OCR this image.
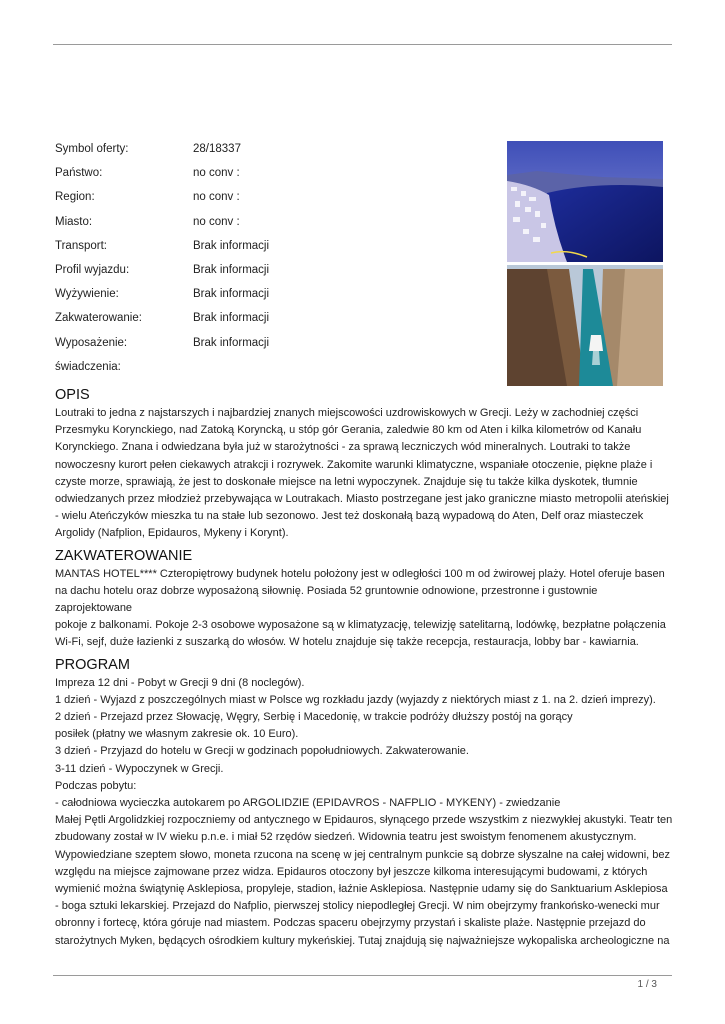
Symbol oferty:	28/18337
Państwo:	no conv :
Region:	no conv :
Miasto:	no conv :
Transport:	Brak informacji
Profil wyjazdu:	Brak informacji
Wyżywienie:	Brak informacji
Zakwaterowanie:	Brak informacji
Wyposażenie:	Brak informacji
świadczenia:
OPIS

Loutraki to jedna z najstarszych i najbardziej znanych miejscowości uzdrowiskowych w Grecji. Leży w zachodniej części
Przesmyku Korynckiego, nad Zatoką Koryncką, u stóp gór Gerania, zaledwie 80 km od Aten i kilka kilometrów od Kanału
Korynckiego. Znana i odwiedzana była już w starożytności - za sprawą leczniczych wód mineralnych. Loutraki to także
nowoczesny kurort pełen ciekawych atrakcji i rozrywek. Zakomite warunki klimatyczne, wspaniałe otoczenie, piękne plaże i
czyste morze, sprawiają, że jest to doskonałe miejsce na letni wypoczynek. Znajduje się tu także kilka dyskotek, tłumnie
odwiedzanych przez młodzież przebywająca w Loutrakach. Miasto postrzegane jest jako graniczne miasto metropolii ateńskiej
- wielu Ateńczyków mieszka tu na stałe lub sezonowo. Jest też doskonałą bazą wypadową do Aten, Delf oraz miasteczek
Argolidy (Nafplion, Epidauros, Mykeny i Korynt).

ZAKWATEROWANIE

MANTAS HOTEL**** Czteropiętrowy budynek hotelu położony jest w odległości 100 m od żwirowej plaży. Hotel oferuje basen
na dachu hotelu oraz dobrze wyposażoną siłownię. Posiada 52 gruntownie odnowione, przestronne i gustownie zaprojektowane
pokoje z balkonami. Pokoje 2-3 osobowe wyposażone są w klimatyzację, telewizję satelitarną, lodówkę, bezpłatne połączenia
Wi-Fi, sejf, duże łazienki z suszarką do włosów. W hotelu znajduje się także recepcja, restauracja, lobby bar - kawiarnia.

PROGRAM

Impreza 12 dni - Pobyt w Grecji 9 dni (8 noclegów).
1 dzień - Wyjazd z poszczególnych miast w Polsce wg rozkładu jazdy (wyjazdy z niektórych miast z 1. na 2. dzień imprezy).
2 dzień - Przejazd przez Słowację, Węgry, Serbię i Macedonię, w trakcie podróży dłuższy postój na gorący
posiłek (płatny we własnym zakresie ok. 10 Euro).
3 dzień - Przyjazd do hotelu w Grecji w godzinach popołudniowych. Zakwaterowanie.
3-11 dzień - Wypoczynek w Grecji.
Podczas pobytu:
- całodniowa wycieczka autokarem po ARGOLIDZIE (EPIDAVROS - NAFPLIO - MYKENY) - zwiedzanie
Małej Pętli Argolidzkiej rozpoczniemy od antycznego w Epidauros, słynącego przede wszystkim z niezwykłej akustyki. Teatr ten
zbudowany został w IV wieku p.n.e. i miał 52 rzędów siedzeń. Widownia teatru jest swoistym fenomenem akustycznym.
Wypowiedziane szeptem słowo, moneta rzucona na scenę w jej centralnym punkcie są dobrze słyszalne na całej widowni, bez
względu na miejsce zajmowane przez widza. Epidauros otoczony był jeszcze kilkoma interesującymi budowami, z których
wymienić można świątynię Asklepiosa, propyleje, stadion, łaźnie Asklepiosa. Następnie udamy się do Sanktuarium Asklepiosa
- boga sztuki lekarskiej. Przejazd do Nafplio, pierwszej stolicy niepodległej Grecji. W nim obejrzymy frankońsko-wenecki mur
obronny i fortecę, która góruje nad miastem. Podczas spaceru obejrzymy przystań i skaliste plaże. Następnie przejazd do
starożytnych Myken, będących ośrodkiem kultury mykeńskiej. Tutaj znajdują się najważniejsze wykopaliska archeologiczne na

1 / 3
